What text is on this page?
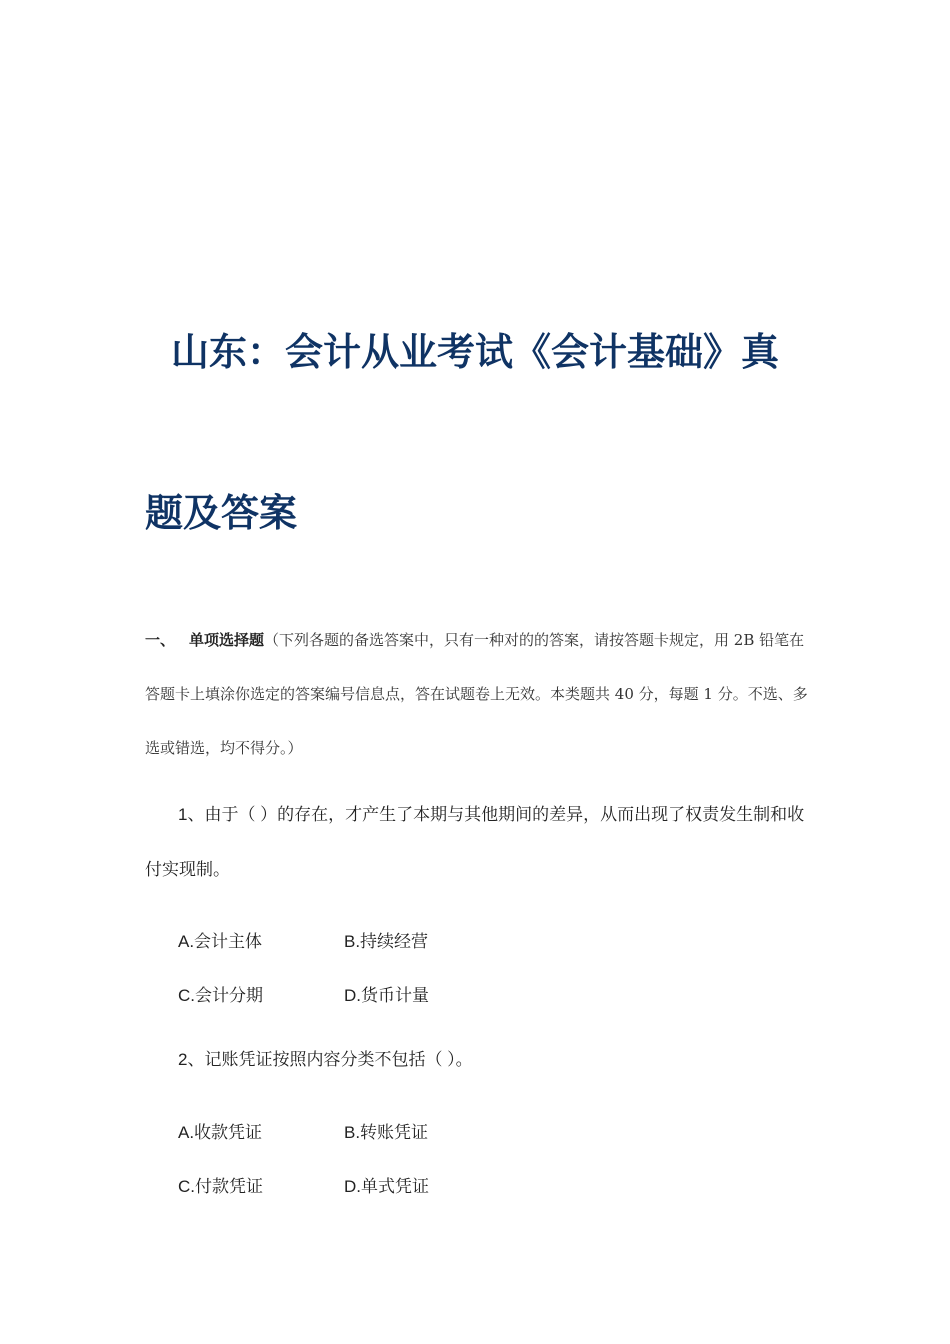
山东：会计从业考试《会计基础》真
题及答案

一、 单项选择题（下列各题的备选答案中，只有一种对的的答案，请按答题卡规定，用 2B 铅笔在答题卡上填涂你选定的答案编号信息点，答在试题卷上无效。本类题共 40 分，每题 1 分。不选、多选或错选，均不得分。）

1、由于（ ）的存在，才产生了本期与其他期间的差异，从而出现了权责发生制和收付实现制。

A.会计主体	B.持续经营
C.会计分期	D.货币计量

2、记账凭证按照内容分类不包括（ ）。

A.收款凭证	B.转账凭证
C.付款凭证	D.单式凭证
